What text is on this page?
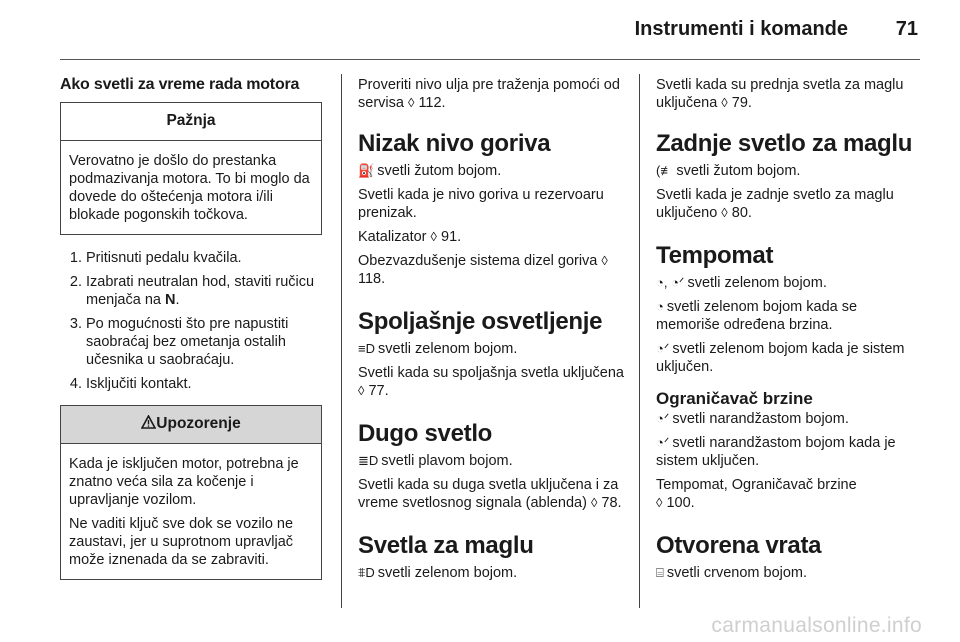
Instrumenti i komande 71
Ako svetli za vreme rada motora
Pažnja

Verovatno je došlo do prestanka podmazivanja motora. To bi moglo da dovede do oštećenja motora i/ili blokade pogonskih točkova.

1. Pritisnuti pedalu kvačila.
2. Izabrati neutralan hod, staviti ručicu menjača na N.
3. Po mogućnosti što pre napustiti saobraćaj bez ometanja ostalih učesnika u saobraćaju.
4. Isključiti kontakt.
Upozorenje

Kada je isključen motor, potrebna je znatno veća sila za kočenje i upravljanje vozilom.

Ne vaditi ključ sve dok se vozilo ne zaustavi, jer u suprotnom upravljač može iznenada da se zabraviti.

Proveriti nivo ulja pre traženja pomoći od servisa ◊ 112.

Nizak nivo goriva

⛽ svetli žutom bojom.

Svetli kada je nivo goriva u rezervoaru prenizak.

Katalizator ◊ 91.

Obezvazdušenje sistema dizel goriva ◊ 118.

Spoljašnje osvetljenje

≡D svetli zelenom bojom.

Svetli kada su spoljašnja svetla uključena ◊ 77.

Dugo svetlo

≣D svetli plavom bojom.

Svetli kada su duga svetla uključena i za vreme svetlosnog signala (ablenda) ◊ 78.

Svetla za maglu

⩨D svetli zelenom bojom.

Svetli kada su prednja svetla za maglu uključena ◊ 79.

Zadnje svetlo za maglu

(≢ svetli žutom bojom.

Svetli kada je zadnje svetlo za maglu uključeno ◊ 80.

Tempomat

◔, ◔ᐟ svetli zelenom bojom.

◔ svetli zelenom bojom kada se memoriše određena brzina.

◔ᐟ svetli zelenom bojom kada je sistem uključen.

Ograničavač brzine

◔ᐟ svetli narandžastom bojom.

◔ᐟ svetli narandžastom bojom kada je sistem uključen.

Tempomat, Ograničavač brzine
◊ 100.

Otvorena vrata

⌸ svetli crvenom bojom.

carmanualsonline.info
